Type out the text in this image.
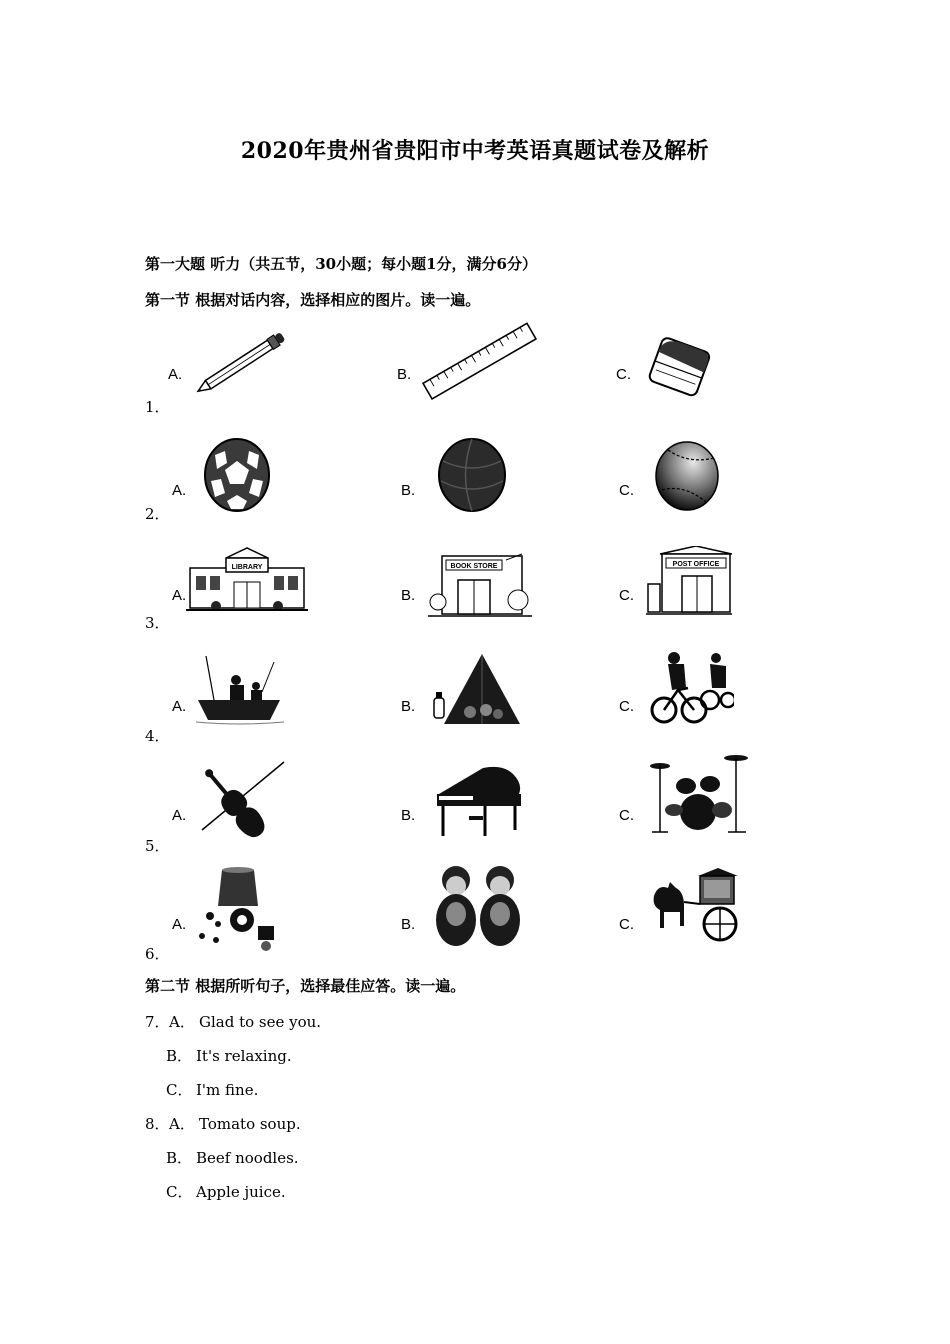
2020年贵州省贵阳市中考英语真题试卷及解析
第一大题 听力（共五节，30小题；每小题1分，满分6分）
第一节 根据对话内容，选择相应的图片。读一遍。
1．
A.	B.	C.
2．
A.	B.	C.
3．
A.
LIBRARY
B.
BOOK STORE
C.
POST OFFICE
4．
A.	B.	C.
5．
A.	B.	C.
6．
A.	B.	C.
第二节 根据所听句子，选择最佳应答。读一遍。
7． A． Glad to see you.
B． It's relaxing.
C． I'm fine.
8． A． Tomato soup.
B． Beef noodles.
C． Apple juice.
